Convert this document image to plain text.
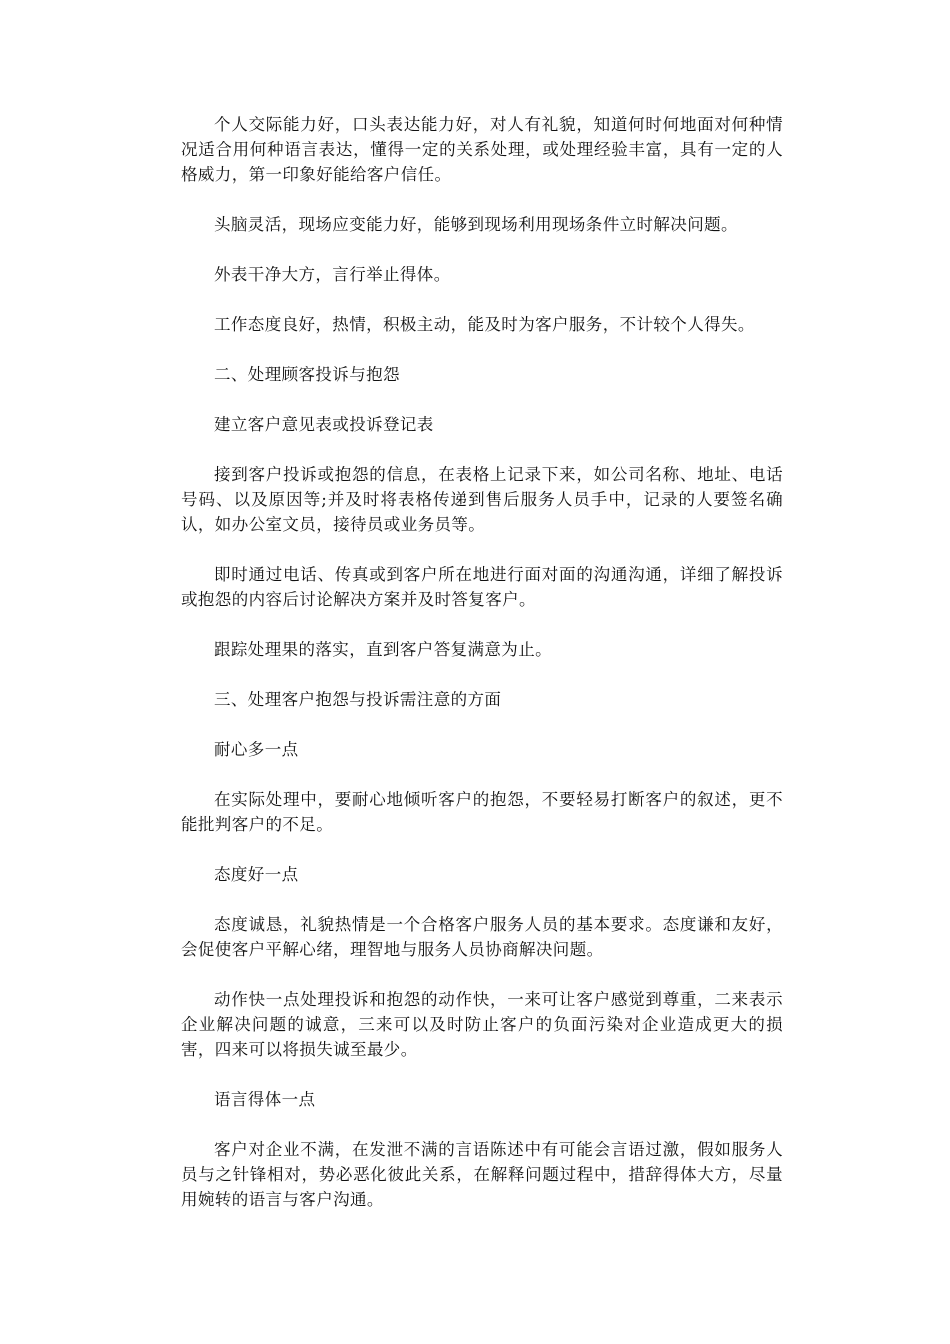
个人交际能力好，口头表达能力好，对人有礼貌，知道何时何地面对何种情况适合用何种语言表达，懂得一定的关系处理，或处理经验丰富，具有一定的人格威力，第一印象好能给客户信任。

头脑灵活，现场应变能力好，能够到现场利用现场条件立时解决问题。

外表干净大方，言行举止得体。

工作态度良好，热情，积极主动，能及时为客户服务，不计较个人得失。

二、处理顾客投诉与抱怨

建立客户意见表或投诉登记表

接到客户投诉或抱怨的信息，在表格上记录下来，如公司名称、地址、电话号码、以及原因等;并及时将表格传递到售后服务人员手中，记录的人要签名确认，如办公室文员，接待员或业务员等。

即时通过电话、传真或到客户所在地进行面对面的沟通沟通，详细了解投诉或抱怨的内容后讨论解决方案并及时答复客户。

跟踪处理果的落实，直到客户答复满意为止。

三、处理客户抱怨与投诉需注意的方面

耐心多一点

在实际处理中，要耐心地倾听客户的抱怨，不要轻易打断客户的叙述，更不能批判客户的不足。

态度好一点

态度诚恳，礼貌热情是一个合格客户服务人员的基本要求。态度谦和友好，会促使客户平解心绪，理智地与服务人员协商解决问题。

动作快一点处理投诉和抱怨的动作快，一来可让客户感觉到尊重，二来表示企业解决问题的诚意，三来可以及时防止客户的负面污染对企业造成更大的损害，四来可以将损失诚至最少。

语言得体一点

客户对企业不满，在发泄不满的言语陈述中有可能会言语过激，假如服务人员与之针锋相对，势必恶化彼此关系，在解释问题过程中，措辞得体大方，尽量用婉转的语言与客户沟通。
